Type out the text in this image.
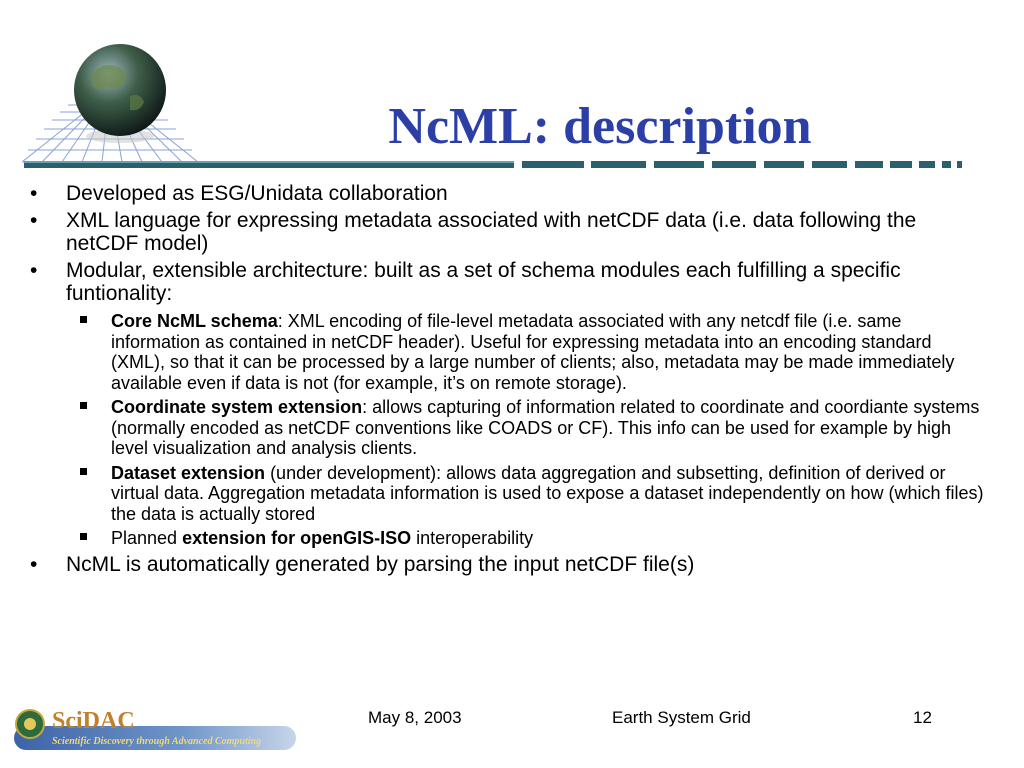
NcML: description
• Developed as ESG/Unidata collaboration
• XML language for expressing metadata associated with netCDF data (i.e. data following the netCDF model)
• Modular, extensible architecture: built as a set of schema modules each fulfilling a specific funtionality:
Core NcML schema: XML encoding of file-level metadata associated with any netcdf file (i.e. same information as contained in netCDF header). Useful for expressing metadata into an encoding standard (XML), so that it can be processed by a large number of clients; also, metadata may be made immediately available even if data is not (for example, it’s on remote storage).
Coordinate system extension: allows capturing of information related to coordinate and coordiante systems (normally encoded as netCDF conventions like COADS or CF). This info can be used for example by high level visualization and analysis clients.
Dataset extension (under development): allows data aggregation and subsetting, definition of derived or virtual data. Aggregation metadata information is used to expose a dataset independently on how (which files) the data is actually stored
Planned extension for openGIS-ISO interoperability
• NcML is automatically generated by parsing the input netCDF file(s)
SciDAC
Scientific Discovery through Advanced Computing
May 8, 2003	Earth System Grid	12
